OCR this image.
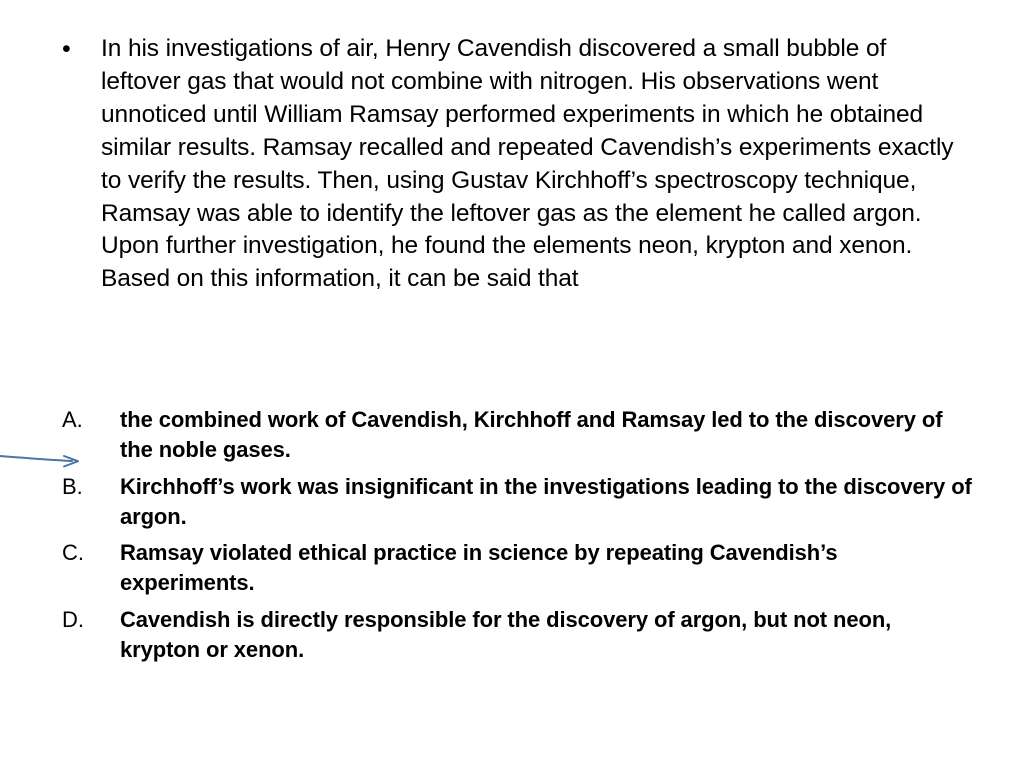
•	In his investigations of air, Henry Cavendish discovered a small bubble of leftover gas that would not combine with nitrogen. His observations went unnoticed until William Ramsay performed experiments in which he obtained similar results. Ramsay recalled and repeated Cavendish’s experiments exactly to verify the results. Then, using Gustav Kirchhoff’s spectroscopy technique, Ramsay was able to identify the leftover gas as the element he called argon. Upon further investigation, he found the elements neon, krypton and xenon. Based on this information, it can be said that
A.	the combined work of Cavendish, Kirchhoff and Ramsay led to the discovery of the noble gases.
B.	Kirchhoff’s work was insignificant in the investigations leading to the discovery of argon.
C.	Ramsay violated ethical practice in science by repeating Cavendish’s experiments.
D.	Cavendish is directly responsible for the discovery of argon, but not neon, krypton or xenon.
